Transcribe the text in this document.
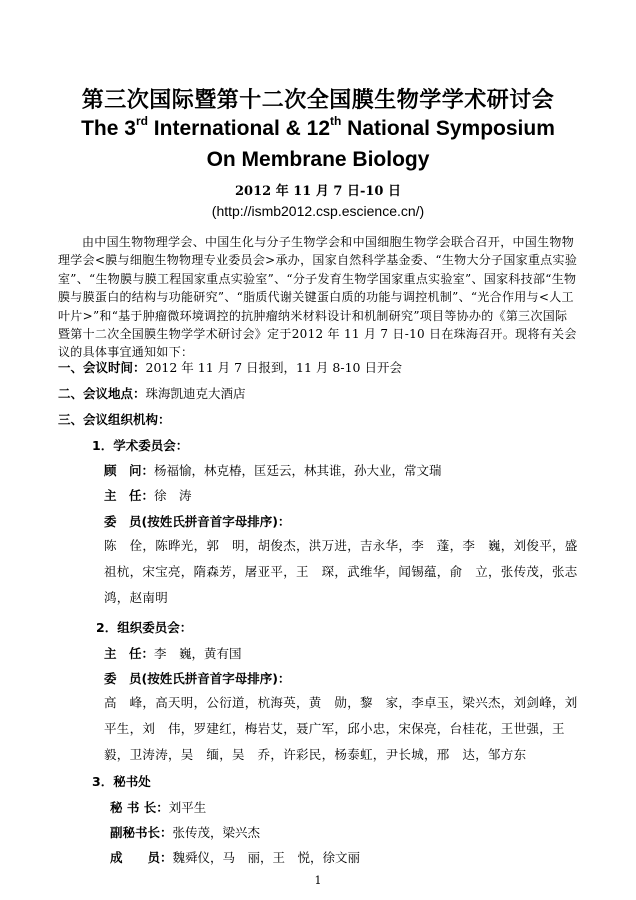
第三次国际暨第十二次全国膜生物学学术研讨会
The 3rd International & 12th National Symposium
On Membrane Biology
2012 年 11 月 7 日-10 日
(http://ismb2012.csp.escience.cn/)
由中国生物物理学会、中国生化与分子生物学会和中国细胞生物学会联合召开，中国生物物理学会<膜与细胞生物物理专业委员会>承办，国家自然科学基金委、“生物大分子国家重点实验室”、“生物膜与膜工程国家重点实验室”、“分子发育生物学国家重点实验室”、国家科技部“生物膜与膜蛋白的结构与功能研究”、“脂质代谢关键蛋白质的功能与调控机制”、“光合作用与<人工叶片>”和“基于肿瘤微环境调控的抗肿瘤纳米材料设计和机制研究”项目等协办的《第三次国际暨第十二次全国膜生物学学术研讨会》定于2012 年 11 月 7 日-10 日在珠海召开。现将有关会议的具体事宜通知如下：
一、会议时间：2012 年 11 月 7 日报到，11 月 8-10 日开会
二、会议地点：珠海凯迪克大酒店
三、会议组织机构：
1．学术委员会：
顾　问：杨福愉，林克椿，匡廷云，林其谁，孙大业，常文瑞
主　任：徐　涛
委　员(按姓氏拼音首字母排序)：
陈　佺，陈晔光，郭　明，胡俊杰，洪万进，吉永华，李　蓬，李　巍，刘俊平，盛祖杭，宋宝亮，隋森芳，屠亚平，王　琛，武维华，闻锡蕴，俞　立，张传茂，张志鸿，赵南明
2．组织委员会：
主　任：李　巍，黄有国
委　员(按姓氏拼音首字母排序)：
高　峰，高天明，公衍道，杭海英，黄　勋，黎　家，李卓玉，梁兴杰，刘剑峰，刘平生，刘　伟，罗建红，梅岩艾，聂广军，邱小忠，宋保亮，台桂花，王世强，王　毅，卫涛涛，吴　缅，吴　乔，许彩民，杨泰虹，尹长城，邢　达，邹方东
3．秘书处
秘 书 长：刘平生
副秘书长：张传茂，梁兴杰
成　　员：魏舜仪，马　丽，王　悦，徐文丽
1
